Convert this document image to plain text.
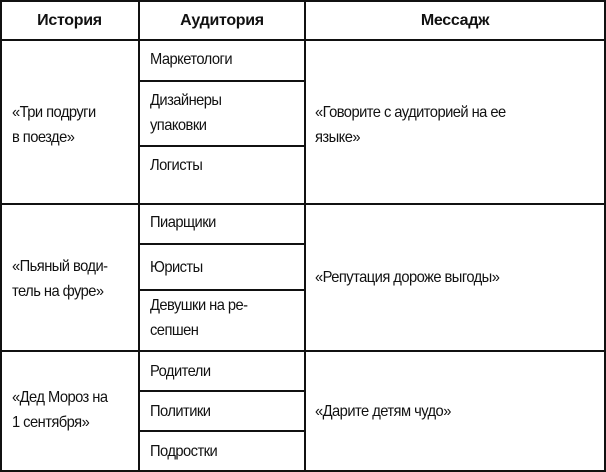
История	Аудитория	Мессадж
«Три подруги
в поезде»
Маркетологи
Дизайнеры
упаковки
Логисты
«Говорите с аудиторией на ее
языке»
«Пьяный води-
тель на фуре»
Пиарщики
Юристы
Девушки на ре-
сепшен
«Репутация дороже выгоды»
«Дед Мороз на
1 сентября»
Родители
Политики
Подростки
«Дарите детям чудо»
